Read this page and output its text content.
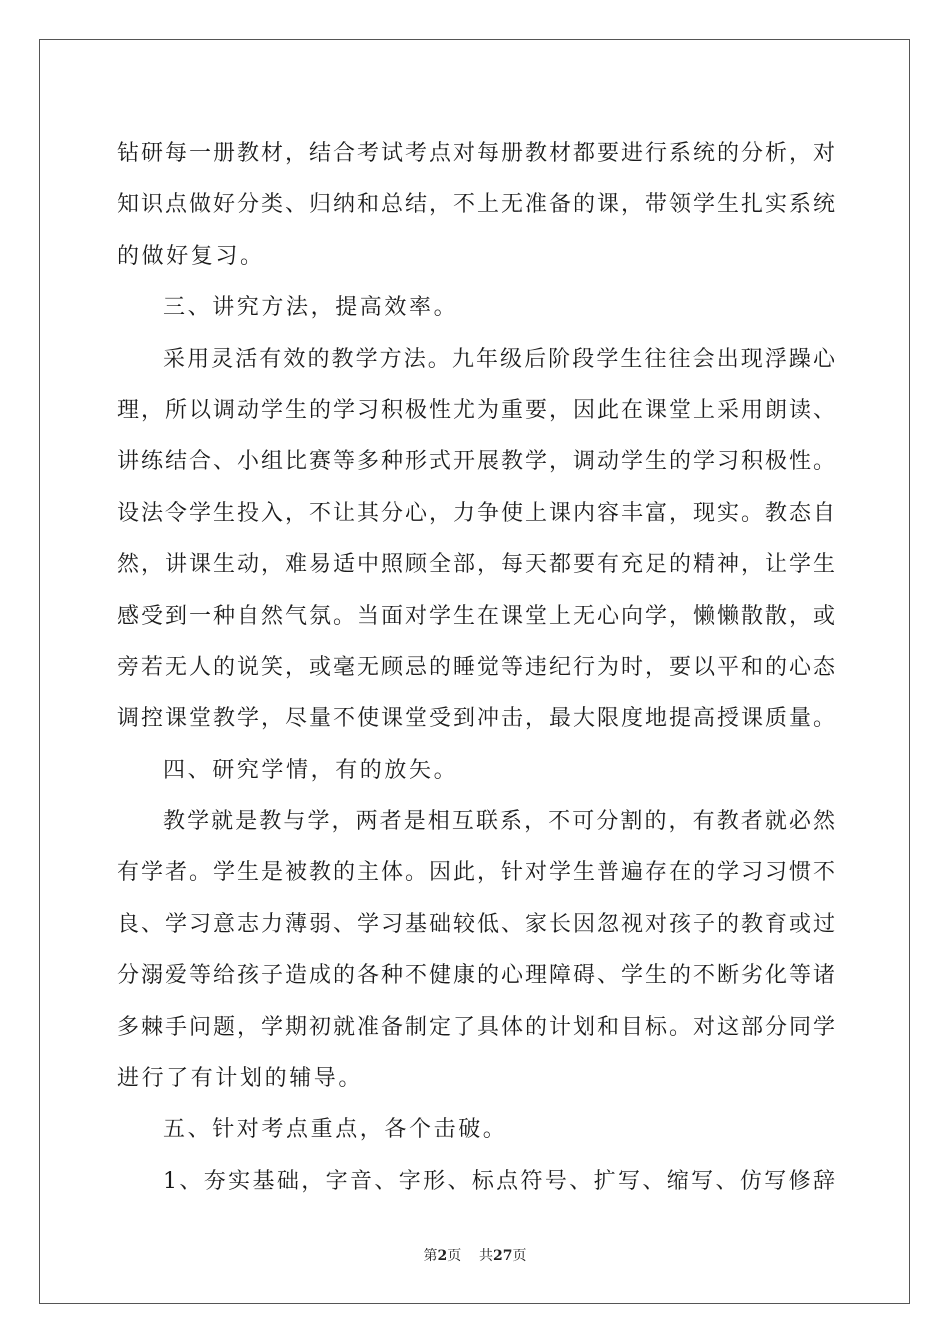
钻研每一册教材，结合考试考点对每册教材都要进行系统的分析，对
知识点做好分类、归纳和总结，不上无准备的课，带领学生扎实系统
的做好复习。
三、讲究方法，提高效率。
采用灵活有效的教学方法。九年级后阶段学生往往会出现浮躁心
理，所以调动学生的学习积极性尤为重要，因此在课堂上采用朗读、
讲练结合、小组比赛等多种形式开展教学，调动学生的学习积极性。
设法令学生投入，不让其分心，力争使上课内容丰富，现实。教态自
然，讲课生动，难易适中照顾全部，每天都要有充足的精神，让学生
感受到一种自然气氛。当面对学生在课堂上无心向学，懒懒散散，或
旁若无人的说笑，或毫无顾忌的睡觉等违纪行为时，要以平和的心态
调控课堂教学，尽量不使课堂受到冲击，最大限度地提高授课质量。
四、研究学情，有的放矢。
教学就是教与学，两者是相互联系，不可分割的，有教者就必然
有学者。学生是被教的主体。因此，针对学生普遍存在的学习习惯不
良、学习意志力薄弱、学习基础较低、家长因忽视对孩子的教育或过
分溺爱等给孩子造成的各种不健康的心理障碍、学生的不断劣化等诸
多棘手问题，学期初就准备制定了具体的计划和目标。对这部分同学
进行了有计划的辅导。
五、针对考点重点，各个击破。
1、夯实基础，字音、字形、标点符号、扩写、缩写、仿写修辞
第2页 共27页
